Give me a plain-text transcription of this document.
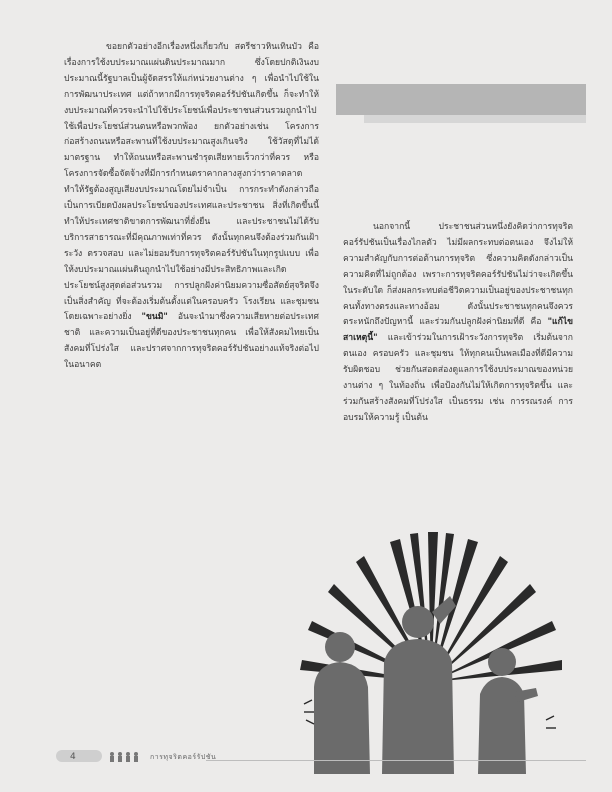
ขอยกตัวอย่างอีกเรื่องหนึ่งเกี่ยวกับ สตรีชาวหินเทินบัว คือ เรื่องการใช้งบประมาณแผ่นดินประมาณมาก ซึ่งโดยปกติเงินงบประมาณนี้รัฐบาลเป็นผู้จัดสรรให้แก่หน่วยงานต่าง ๆ เพื่อนำไปใช้ในการพัฒนาประเทศ แต่ถ้าหากมีการทุจริตคอร์รัปชันเกิดขึ้น ก็จะทำให้งบประมาณที่ควรจะนำไปใช้ประโยชน์เพื่อประชาชนส่วนรวมถูกนำไปใช้เพื่อประโยชน์ส่วนตนหรือพวกพ้อง ยกตัวอย่างเช่น โครงการก่อสร้างถนนหรือสะพานที่ใช้งบประมาณสูงเกินจริง ใช้วัสดุที่ไม่ได้มาตรฐาน ทำให้ถนนหรือสะพานชำรุดเสียหายเร็วกว่าที่ควร หรือโครงการจัดซื้อจัดจ้างที่มีการกำหนดราคากลางสูงกว่าราคาตลาด ทำให้รัฐต้องสูญเสียงบประมาณโดยไม่จำเป็น การกระทำดังกล่าวถือเป็นการเบียดบังผลประโยชน์ของประเทศและประชาชน สิ่งที่เกิดขึ้นนี้ทำให้ประเทศชาติขาดการพัฒนาที่ยั่งยืน และประชาชนไม่ได้รับบริการสาธารณะที่มีคุณภาพเท่าที่ควร ดังนั้นทุกคนจึงต้องร่วมกันเฝ้าระวัง ตรวจสอบ และไม่ยอมรับการทุจริตคอร์รัปชันในทุกรูปแบบ เพื่อให้งบประมาณแผ่นดินถูกนำไปใช้อย่างมีประสิทธิภาพและเกิดประโยชน์สูงสุดต่อส่วนรวม การปลูกฝังค่านิยมความซื่อสัตย์สุจริตจึงเป็นสิ่งสำคัญ ที่จะต้องเริ่มต้นตั้งแต่ในครอบครัว โรงเรียน และชุมชน โดยเฉพาะอย่างยิ่ง "ขนมิ" อันจะนำมาซึ่งความเสียหายต่อประเทศชาติ และความเป็นอยู่ที่ดีของประชาชนทุกคน เพื่อให้สังคมไทยเป็นสังคมที่โปร่งใส และปราศจากการทุจริตคอร์รัปชันอย่างแท้จริงต่อไปในอนาคต

นอกจากนี้ ประชาชนส่วนหนึ่งยังคิดว่าการทุจริตคอร์รัปชันเป็นเรื่องไกลตัว ไม่มีผลกระทบต่อตนเอง จึงไม่ให้ความสำคัญกับการต่อต้านการทุจริต ซึ่งความคิดดังกล่าวเป็นความคิดที่ไม่ถูกต้อง เพราะการทุจริตคอร์รัปชันไม่ว่าจะเกิดขึ้นในระดับใด ก็ส่งผลกระทบต่อชีวิตความเป็นอยู่ของประชาชนทุกคนทั้งทางตรงและทางอ้อม ดังนั้นประชาชนทุกคนจึงควรตระหนักถึงปัญหานี้ และร่วมกันปลูกฝังค่านิยมที่ดี คือ "แก้ไขสาเหตุนี้" และเข้าร่วมในการเฝ้าระวังการทุจริต เริ่มต้นจากตนเอง ครอบครัว และชุมชน ให้ทุกคนเป็นพลเมืองที่ดีมีความรับผิดชอบ ช่วยกันสอดส่องดูแลการใช้งบประมาณของหน่วยงานต่าง ๆ ในท้องถิ่น เพื่อป้องกันไม่ให้เกิดการทุจริตขึ้น และร่วมกันสร้างสังคมที่โปร่งใส เป็นธรรม เช่น การรณรงค์ การอบรมให้ความรู้ เป็นต้น

4	การทุจริตคอร์รัปชัน
